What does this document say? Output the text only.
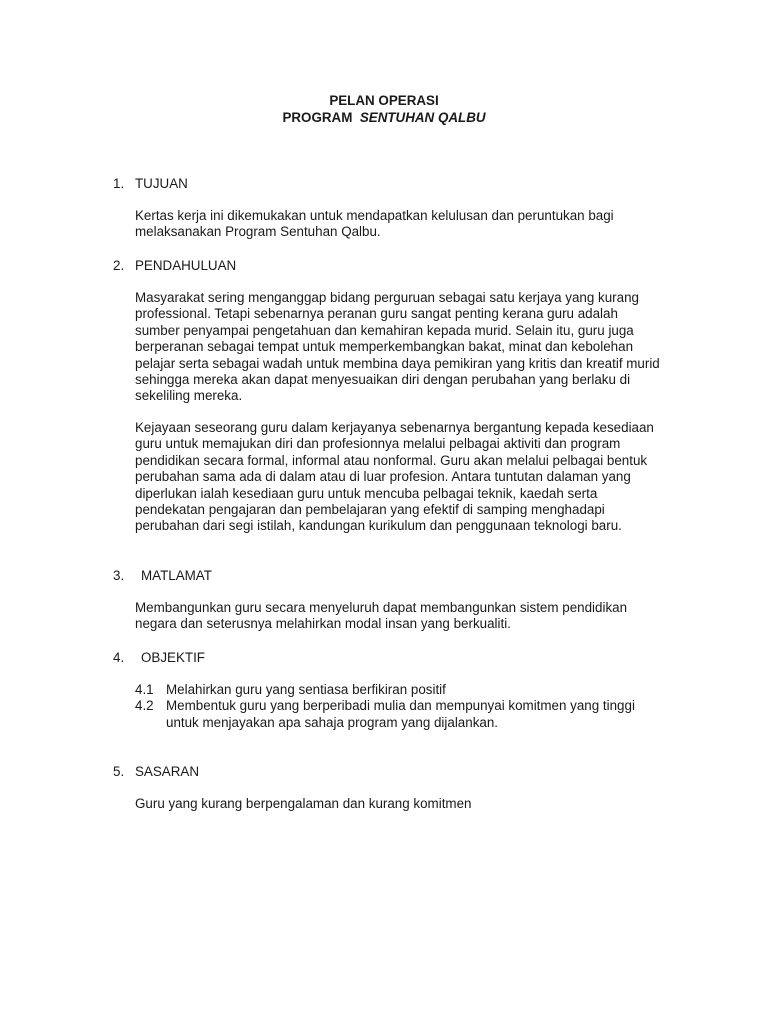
PELAN OPERASI
PROGRAM SENTUHAN QALBU
1. TUJUAN
Kertas kerja ini dikemukakan untuk mendapatkan kelulusan dan peruntukan bagi
melaksanakan Program Sentuhan Qalbu.
2. PENDAHULUAN
Masyarakat sering menganggap bidang perguruan sebagai satu kerjaya yang kurang
professional. Tetapi sebenarnya peranan guru sangat penting kerana guru adalah
sumber penyampai pengetahuan dan kemahiran kepada murid. Selain itu, guru juga
berperanan sebagai tempat untuk memperkembangkan bakat, minat dan kebolehan
pelajar serta sebagai wadah untuk membina daya pemikiran yang kritis dan kreatif murid
sehingga mereka akan dapat menyesuaikan diri dengan perubahan yang berlaku di
sekeliling mereka.
Kejayaan seseorang guru dalam kerjayanya sebenarnya bergantung kepada kesediaan
guru untuk memajukan diri dan profesionnya melalui pelbagai aktiviti dan program
pendidikan secara formal, informal atau nonformal. Guru akan melalui pelbagai bentuk
perubahan sama ada di dalam atau di luar profesion. Antara tuntutan dalaman yang
diperlukan ialah kesediaan guru untuk mencuba pelbagai teknik, kaedah serta
pendekatan pengajaran dan pembelajaran yang efektif di samping menghadapi
perubahan dari segi istilah, kandungan kurikulum dan penggunaan teknologi baru.
3. MATLAMAT
Membangunkan guru secara menyeluruh dapat membangunkan sistem pendidikan
negara dan seterusnya melahirkan modal insan yang berkualiti.
4. OBJEKTIF
4.1 Melahirkan guru yang sentiasa berfikiran positif
4.2 Membentuk guru yang berperibadi mulia dan mempunyai komitmen yang tinggi
untuk menjayakan apa sahaja program yang dijalankan.
5. SASARAN
Guru yang kurang berpengalaman dan kurang komitmen
